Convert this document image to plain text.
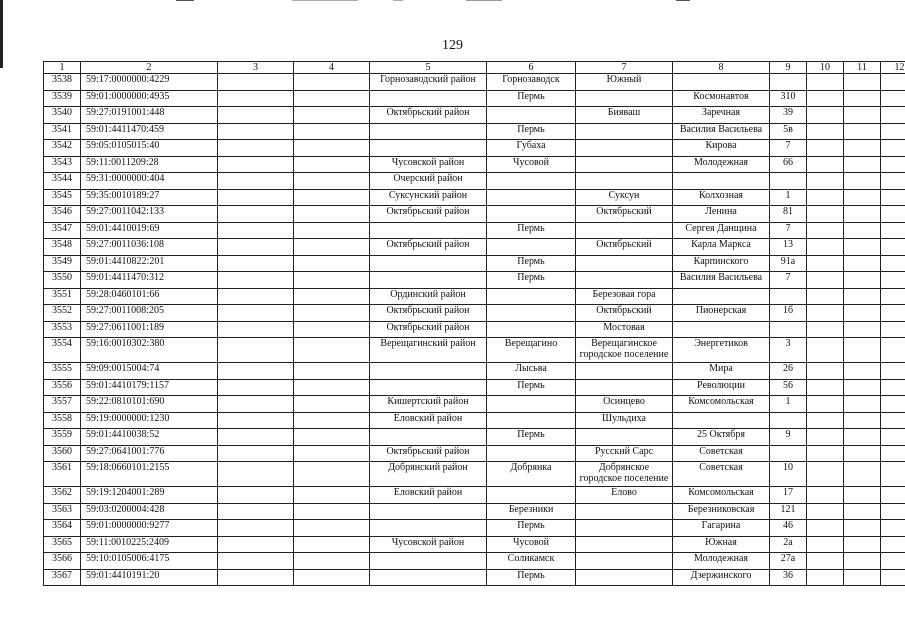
129
1	2	3	4	5	6	7	8	9	10	11	12
3538	59:17:0000000:4229			Горнозаводский район	Горнозаводск	Южный					
3539	59:01:0000000:4935				Пермь		Космонавтов	310			
3540	59:27:0191001:448			Октябрьский район		Бияваш	Заречная	39			
3541	59:01:4411470:459				Пермь		Василия Васильева	5в			
3542	59:05:0105015:40				Губаха		Кирова	7			
3543	59:11:0011209:28			Чусовской район	Чусовой		Молодежная	66			
3544	59:31:0000000:404			Очерский район							
3545	59:35:0010189:27			Суксунский район		Суксун	Колхозная	1			
3546	59:27:0011042:133			Октябрьский район		Октябрьский	Ленина	81			
3547	59:01:4410019:69				Пермь		Сергея Данщина	7			
3548	59:27:0011036:108			Октябрьский район		Октябрьский	Карла Маркса	13			
3549	59:01:4410822:201				Пермь		Карпинского	91а			
3550	59:01:4411470:312				Пермь		Василия Васильева	7			
3551	59:28:0460101:66			Ординский район		Березовая гора					
3552	59:27:0011008:205			Октябрьский район		Октябрьский	Пионерская	1б			
3553	59:27:0611001:189			Октябрьский район		Мостовая					
3554	59:16:0010302:380			Верещагинский район	Верещагино	Верещагинское городское поселение	Энергетиков	3			
3555	59:09:0015004:74				Лысьва		Мира	26			
3556	59:01:4410179:1157				Пермь		Революции	56			
3557	59:22:0810101:690			Кишертский район		Осинцево	Комсомольская	1			
3558	59:19:0000000:1230			Еловский район		Шульдиха					
3559	59:01:4410038:52				Пермь		25 Октября	9			
3560	59:27:0641001:776			Октябрьский район		Русский Сарс	Советская				
3561	59:18:0660101:2155			Добрянский район	Добрянка	Добрянское городское поселение	Советская	10			
3562	59:19:1204001:289			Еловский район		Елово	Комсомольская	17			
3563	59:03:0200004:428				Березники		Березниковская	121			
3564	59:01:0000000:9277				Пермь		Гагарина	46			
3565	59:11:0010225:2409			Чусовской район	Чусовой		Южная	2а			
3566	59:10:0105006:4175				Соликамск		Молодежная	27а			
3567	59:01:4410191:20				Пермь		Дзержинского	36			
